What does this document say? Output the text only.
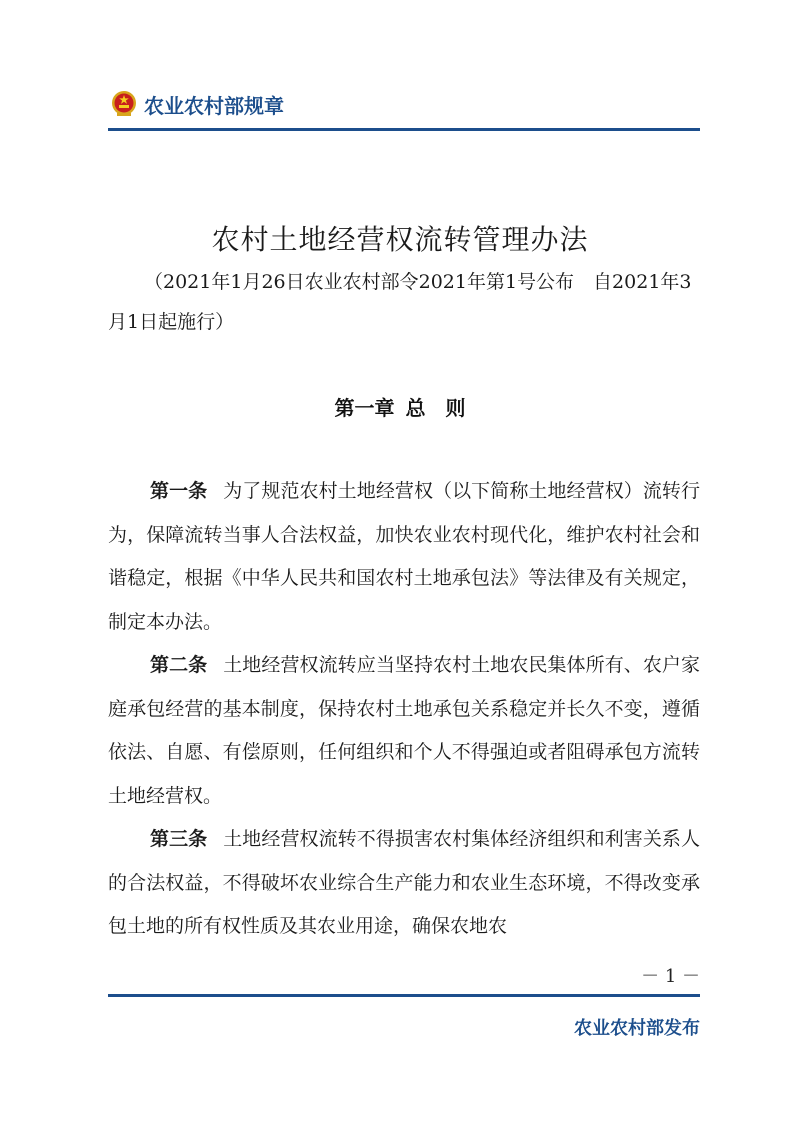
农业农村部规章
农村土地经营权流转管理办法
（2021年1月26日农业农村部令2021年第1号公布　自2021年3月1日起施行）
第一章 总　则

第一条 为了规范农村土地经营权（以下简称土地经营权）流转行为，保障流转当事人合法权益，加快农业农村现代化，维护农村社会和谐稳定，根据《中华人民共和国农村土地承包法》等法律及有关规定，制定本办法。

第二条 土地经营权流转应当坚持农村土地农民集体所有、农户家庭承包经营的基本制度，保持农村土地承包关系稳定并长久不变，遵循依法、自愿、有偿原则，任何组织和个人不得强迫或者阻碍承包方流转土地经营权。

第三条 土地经营权流转不得损害农村集体经济组织和利害关系人的合法权益，不得破坏农业综合生产能力和农业生态环境，不得改变承包土地的所有权性质及其农业用途，确保农地农

－ 1 －
农业农村部发布
